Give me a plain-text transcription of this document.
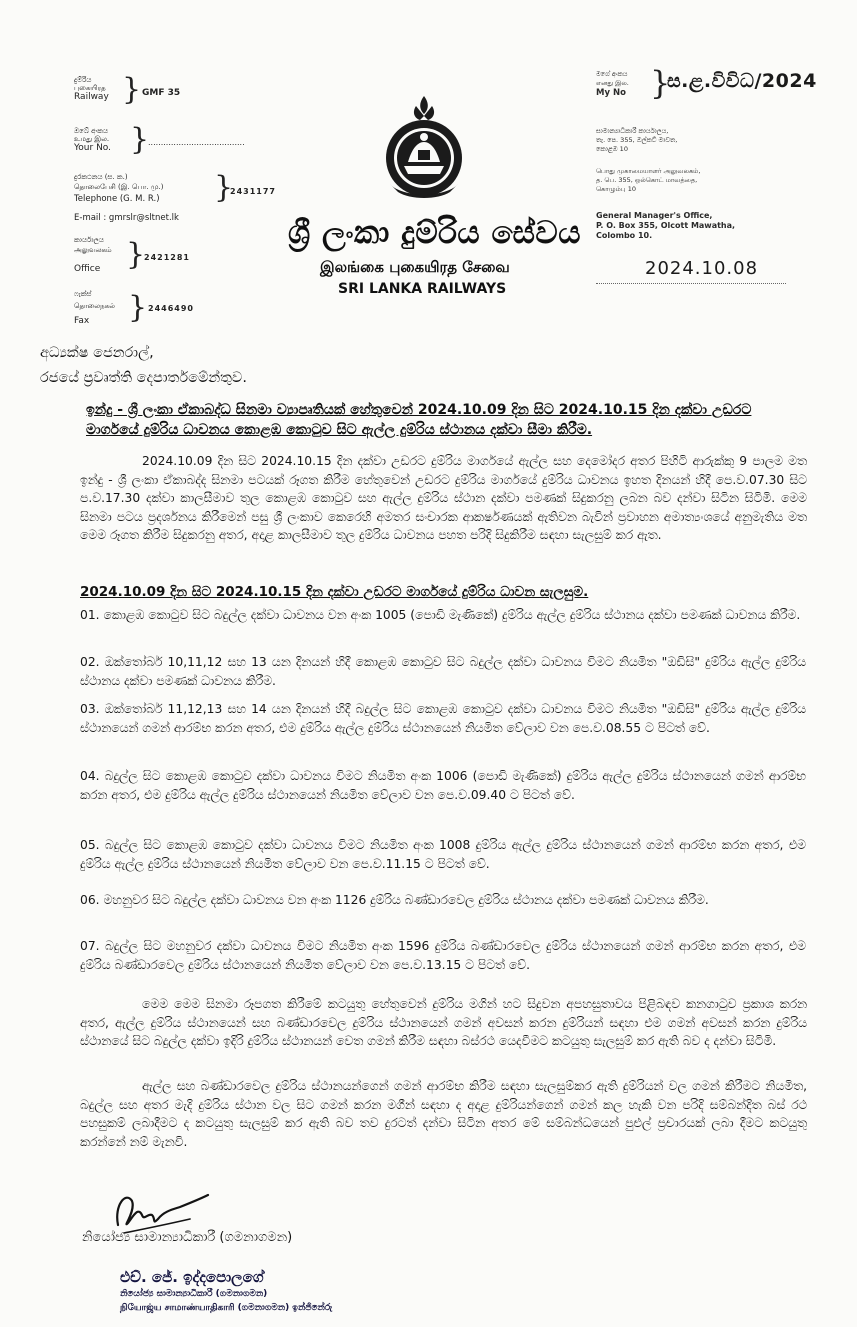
දුම්රිය
புகையிரத
Railway } GMF 35
ඔබේ අංකය
உமது இல.
Your No. }
......................................
දුරකථනය (ස. ක.)
தொலைபேசி (இ. பொ. மு.)
Telephone (G. M. R.) }
2431177
E-mail : gmrslr@sltnet.lk
කාර්යාලය
அலுவலகம்
Office }
2421281
ෆැක්ස්
தொலைநகல்
Fax } 2446490
ශ්‍රී ලංකා දුම්රිය සේවය
இலங்கை புகையிரத சேவை
SRI LANKA RAILWAYS
මගේ අංකය
எனது இல.
My No }
ස.ළ.විවිධ/2024
සාමාන්‍යාධිකාරී කාර්යාලය,
තැ. පෙ. 355, ඔල්කට් මාවත,
කොළඹ 10
பொது முகாமையாளர் அலுவலகம்,
த. பெ. 355, ஒல்கொட் மாவத்தை,
கொழும்பு 10
General Manager's Office,
P. O. Box 355, Olcott Mawatha,
Colombo 10.
2024.10.08
අධ්‍යක්ෂ ජෙනරාල්,
රජයේ ප්‍රවෘත්ති දෙපාර්තමේන්තුව.
ඉන්දු - ශ්‍රී ලංකා ඒකාබද්ධ සිනමා ව්‍යාපෘතියක් හේතුවෙන් 2024.10.09 දින සිට 2024.10.15 දින දක්වා උඩරට මාර්ගයේ දුම්රිය ධාවනය කොළඹ කොටුව සිට ඇල්ල දුම්රිය ස්ථානය දක්වා සීමා කිරීම.
2024.10.09 දින සිට 2024.10.15 දින දක්වා උඩරට දුම්රිය මාර්ගයේ ඇල්ල සහ දෙමෝදර අතර පිහිටි ආරුක්කු 9 පාලම මත ඉන්දු - ශ්‍රී ලංකා ඒකාබද්ද සිනමා පටයක් රූගත කිරීම හේතුවෙන් උඩරට දුම්රිය මාර්ගයේ දුම්රිය ධාවනය ඉහත දිනයන් හිදී පෙ.ව.07.30 සිට ප.ව.17.30 දක්වා කාලසීමාව තුල කොළඹ කොටුව සහ ඇල්ල දුම්රිය ස්ථාන දක්වා පමණක් සිදුකරනු ලබන බව දන්වා සිටින සිටිමි. මෙම සිනමා පටය ප්‍රදර්ශනය කිරීමෙන් පසු ශ්‍රී ලංකාව කෙරෙහි අමතර සංචාරක ආකර්ෂණයක් ඇතිවන බැවින් ප්‍රවාහන අමාත්‍යංශයේ අනුමැතිය මත මෙම රූගත කිරීම සිදුකරනු අතර, අදාළ කාලසීමාව තුල දුම්රිය ධාවනය පහත පරිදි සිදුකිරීම සඳහා සැලසුම් කර ඇත.
2024.10.09 දින සිට 2024.10.15 දින දක්වා උඩරට මාර්ගයේ දුම්රිය ධාවන සැලසුම.
01. කොළඹ කොටුව සිට බදුල්ල දක්වා ධාවනය වන අංක 1005 (පොඩි මැණිකේ) දුම්රිය ඇල්ල දුම්රිය ස්ථානය දක්වා පමණක් ධාවනය කිරීම.
02. ඔක්තෝබර් 10,11,12 සහ 13 යන දිනයන් හිදී කොළඹ කොටුව සිට බදුල්ල දක්වා ධාවනය විමට නියමිත "ඔඩිසි" දුම්රිය ඇල්ල දුම්රිය ස්ථානය දක්වා පමණක් ධාවනය කිරීම.
03. ඔක්තෝබර් 11,12,13 සහ 14 යන දිනයන් හිදී බදුල්ල සිට කොළඹ කොටුව දක්වා ධාවනය විමට නියමිත "ඔඩිසි" දුම්රිය ඇල්ල දුම්රිය ස්ථානයෙන් ගමන් ආරම්භ කරන අතර, එම දුම්රිය ඇල්ල දුම්රිය ස්ථානයෙන් නියමිත වේලාව වන පෙ.ව.08.55 ට පිටත් වේ.
04. බදුල්ල සිට කොළඹ කොටුව දක්වා ධාවනය විමට නියමිත අංක 1006 (පොඩි මැණිකේ) දුම්රිය ඇල්ල දුම්රිය ස්ථානයෙන් ගමන් ආරම්භ කරන අතර, එම දුම්රිය ඇල්ල දුම්රිය ස්ථානයෙන් නියමිත වේලාව වන පෙ.ව.09.40 ට පිටත් වේ.
05. බදුල්ල සිට කොළඹ කොටුව දක්වා ධාවනය විමට නියමිත අංක 1008 දුම්රිය ඇල්ල දුම්රිය ස්ථානයෙන් ගමන් ආරම්භ කරන අතර, එම දුම්රිය ඇල්ල දුම්රිය ස්ථානයෙන් නියමිත වේලාව වන පෙ.ව.11.15 ට පිටත් වේ.
06. මහනුවර සිට බදුල්ල දක්වා ධාවනය වන අංක 1126 දුම්රිය බණ්ඩාරවෙල දුම්රිය ස්ථානය දක්වා පමණක් ධාවනය කිරීම.
07. බදුල්ල සිට මහනුවර දක්වා ධාවනය විමට නියමිත අංක 1596 දුම්රිය බණ්ඩාරවෙල දුම්රිය ස්ථානයෙන් ගමන් ආරම්භ කරන අතර, එම දුම්රිය බණ්ඩාරවෙල දුම්රිය ස්ථානයෙන් නියමිත වේලාව වන පෙ.ව.13.15 ට පිටත් වේ.
මෙම මෙම සිනමා රූපගත කිරීමේ කටයුතු හේතුවෙන් දුම්රිය මගින් හට සිදුවන අපහසුතාවය පිළිබඳව කනගාටුව ප්‍රකාශ කරන අතර, ඇල්ල දුම්රිය ස්ථානයෙන් සහ බණ්ඩාරවෙල දුම්රිය ස්ථානයෙන් ගමන් අවසන් කරන දුම්රියන් සඳහා එම ගමන් අවසන් කරන දුම්රිය ස්ථානයේ සිට බදුල්ල දක්වා ඉදිරි දුම්රිය ස්ථානයන් වෙත ගමන් කිරීම සඳහා බස්රථ යෙදවීමට කටයුතු සැලසුම් කර ඇති බව ද දන්වා සිටිමි.
ඇල්ල සහ බණ්ඩාරවෙල දුම්රිය ස්ථානයන්ගෙන් ගමන් ආරම්භ කිරීම සඳහා සැලසුම්කර ඇති දුම්රියන් වල ගමන් කිරීමට නියමිත, බදුල්ල සහ අතර මැදි දුම්රිය ස්ථාන වල සිට ගමන් කරන මගීන් සඳහා ද අදාළ දුම්රියන්ගෙන් ගමන් කල හැකි වන පරිදි සම්බන්දිත බස් රථ පහසුකම් ලබාදීමට ද කටයුතු සැලසුම් කර ඇති බව තව දුරටත් දන්වා සිටින අතර මේ සම්බන්ධයෙන් පුළුල් ප්‍රචාරයක් ලබා දීමට කටයුතු කරන්නේ නම් මැනවි.
නියෝජ්‍ය සාමාන්‍යාධිකාරී (ගමනාගමන)
එච්. ජේ. ඉද්දපොලගේ
නියෝජ්‍ය සාමාන්‍යාධිකාරී (ගමනාගමන)
நியோஜ்ய சாமாண்யாதிகாரி (ගමනාගමන) ඉන්ජිනේරු
